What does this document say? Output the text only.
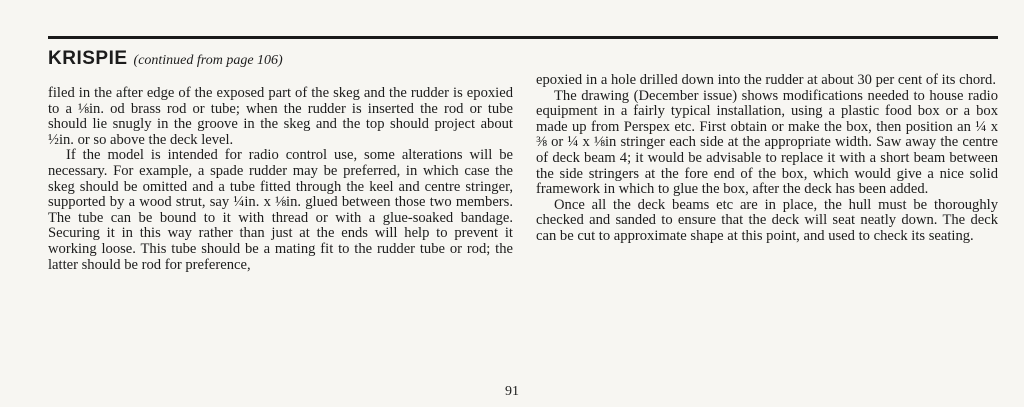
KRISPIE (continued from page 106)

filed in the after edge of the exposed part of the skeg and the rudder is epoxied to a ⅛in. od brass rod or tube; when the rudder is inserted the rod or tube should lie snugly in the groove in the skeg and the top should project about ½in. or so above the deck level.

If the model is intended for radio control use, some alterations will be necessary. For example, a spade rudder may be preferred, in which case the skeg should be omitted and a tube fitted through the keel and centre stringer, supported by a wood strut, say ¼in. x ⅛in. glued between those two members. The tube can be bound to it with thread or with a glue-soaked bandage. Securing it in this way rather than just at the ends will help to prevent it working loose. This tube should be a mating fit to the rudder tube or rod; the latter should be rod for preference,

epoxied in a hole drilled down into the rudder at about 30 per cent of its chord.

The drawing (December issue) shows modifications needed to house radio equipment in a fairly typical installation, using a plastic food box or a box made up from Perspex etc. First obtain or make the box, then position an ¼ x ⅜ or ¼ x ⅛in stringer each side at the appropriate width. Saw away the centre of deck beam 4; it would be advisable to replace it with a short beam between the side stringers at the fore end of the box, which would give a nice solid framework in which to glue the box, after the deck has been added.

Once all the deck beams etc are in place, the hull must be thoroughly checked and sanded to ensure that the deck will seat neatly down. The deck can be cut to approximate shape at this point, and used to check its seating.

91
